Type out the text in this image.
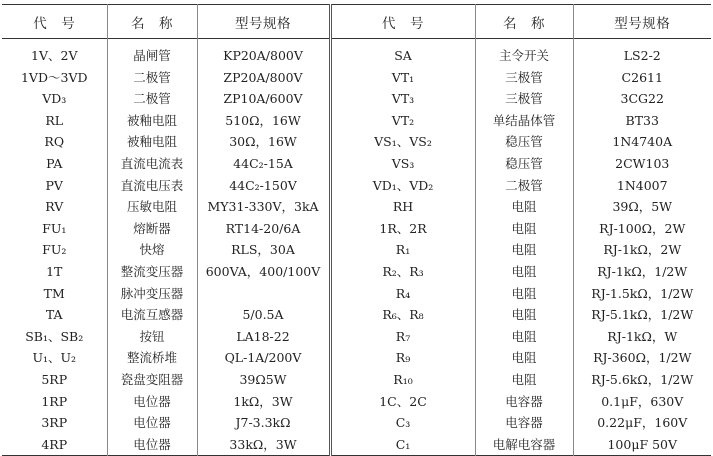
代　号	名　称	型号规格	代　号	名　称	型号规格
1V、2V	晶闸管	KP20A/800V	SA	主令开关	LS2-2
1VD～3VD	二极管	ZP20A/800V	VT₁	三极管	C2611
VD₃	二极管	ZP10A/600V	VT₃	三极管	3CG22
RL	被釉电阻	510Ω，16W	VT₂	单结晶体管	BT33
RQ	被釉电阻	30Ω，16W	VS₁、VS₂	稳压管	1N4740A
PA	直流电流表	44C₂-15A	VS₃	稳压管	2CW103
PV	直流电压表	44C₂-150V	VD₁、VD₂	二极管	1N4007
RV	压敏电阻	MY31-330V，3kA	RH	电阻	39Ω，5W
FU₁	熔断器	RT14-20/6A	1R、2R	电阻	RJ-100Ω，2W
FU₂	快熔	RLS，30A	R₁	电阻	RJ-1kΩ，2W
1T	整流变压器	600VA，400/100V	R₂、R₃	电阻	RJ-1kΩ，1/2W
TM	脉冲变压器		R₄	电阻	RJ-1.5kΩ，1/2W
TA	电流互感器	5/0.5A	R₆、R₈	电阻	RJ-5.1kΩ，1/2W
SB₁、SB₂	按钮	LA18-22	R₇	电阻	RJ-1kΩ，W
U₁、U₂	整流桥堆	QL-1A/200V	R₉	电阻	RJ-360Ω，1/2W
5RP	瓷盘变阻器	39Ω5W	R₁₀	电阻	RJ-5.6kΩ，1/2W
1RP	电位器	1kΩ，3W	1C、2C	电容器	0.1μF，630V
3RP	电位器	J7-3.3kΩ	C₃	电容器	0.22μF，160V
4RP	电位器	33kΩ，3W	C₁	电解电容器	100μF 50V
